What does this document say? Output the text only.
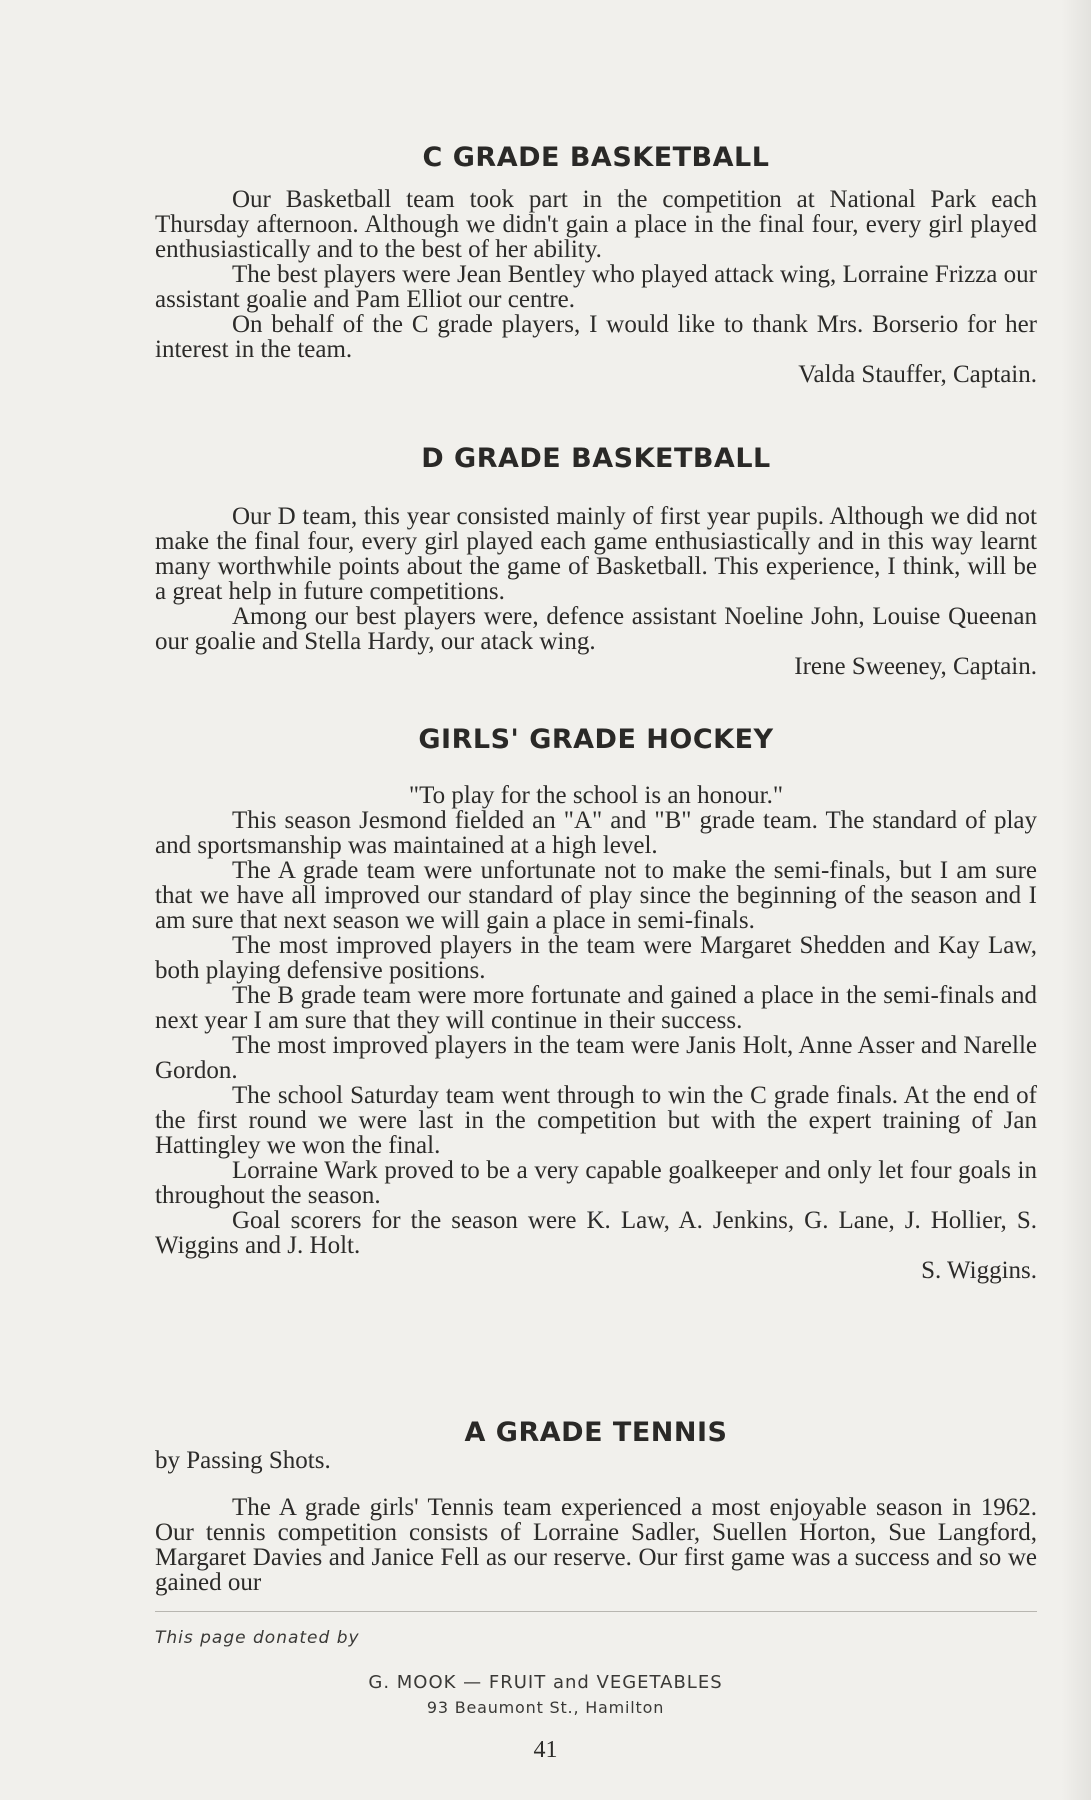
C GRADE BASKETBALL

Our Basketball team took part in the competition at National Park each Thursday afternoon. Although we didn't gain a place in the final four, every girl played enthusiastically and to the best of her ability.

The best players were Jean Bentley who played attack wing, Lorraine Frizza our assistant goalie and Pam Elliot our centre.

On behalf of the C grade players, I would like to thank Mrs. Borserio for her interest in the team.

Valda Stauffer, Captain.

D GRADE BASKETBALL

Our D team, this year consisted mainly of first year pupils. Although we did not make the final four, every girl played each game enthusiastically and in this way learnt many worthwhile points about the game of Basketball. This experience, I think, will be a great help in future competitions.

Among our best players were, defence assistant Noeline John, Louise Queenan our goalie and Stella Hardy, our atack wing.

Irene Sweeney, Captain.

GIRLS' GRADE HOCKEY

"To play for the school is an honour."

This season Jesmond fielded an "A" and "B" grade team. The standard of play and sportsmanship was maintained at a high level.

The A grade team were unfortunate not to make the semi-finals, but I am sure that we have all improved our standard of play since the beginning of the season and I am sure that next season we will gain a place in semi-finals.

The most improved players in the team were Margaret Shedden and Kay Law, both playing defensive positions.

The B grade team were more fortunate and gained a place in the semi-finals and next year I am sure that they will continue in their success.

The most improved players in the team were Janis Holt, Anne Asser and Narelle Gordon.

The school Saturday team went through to win the C grade finals. At the end of the first round we were last in the competition but with the expert training of Jan Hattingley we won the final.

Lorraine Wark proved to be a very capable goalkeeper and only let four goals in throughout the season.

Goal scorers for the season were K. Law, A. Jenkins, G. Lane, J. Hollier, S. Wiggins and J. Holt.

S. Wiggins.

A GRADE TENNIS

by Passing Shots.

The A grade girls' Tennis team experienced a most enjoyable season in 1962. Our tennis competition consists of Lorraine Sadler, Suellen Horton, Sue Langford, Margaret Davies and Janice Fell as our reserve. Our first game was a success and so we gained our

This page donated by
G. MOOK — FRUIT and VEGETABLES
93 Beaumont St., Hamilton
41
